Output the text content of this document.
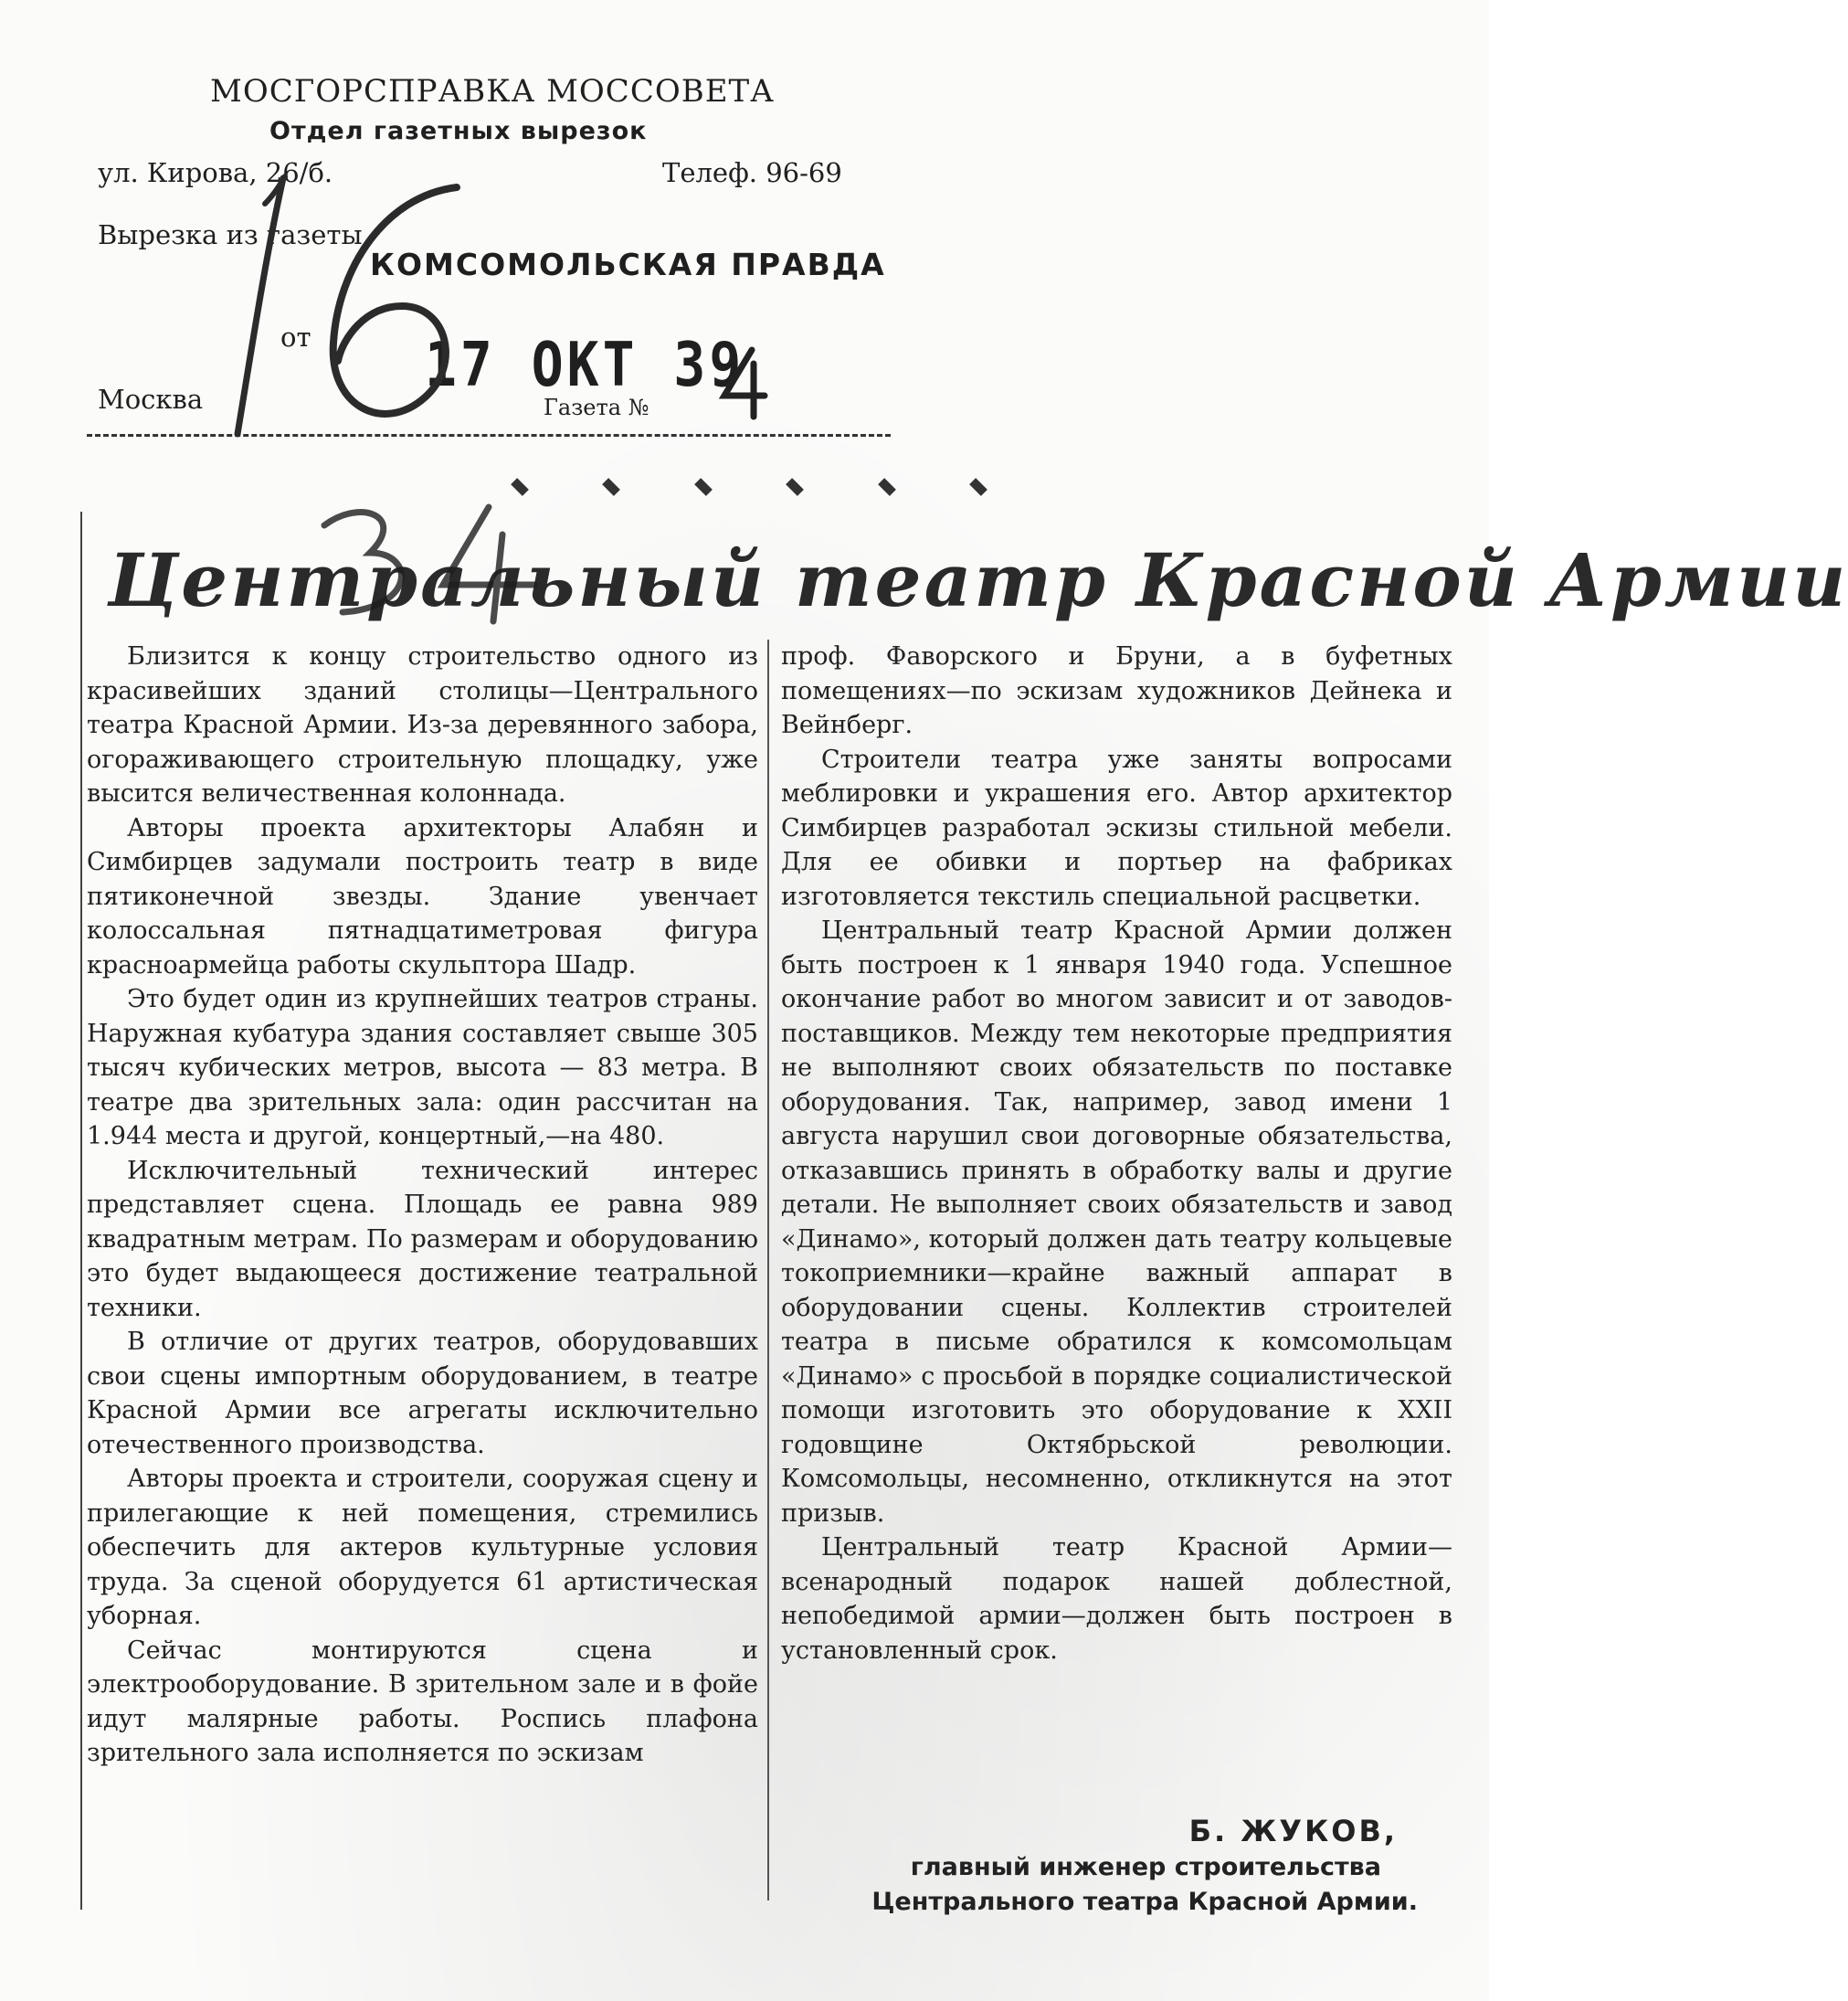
МОСГОРСПРАВКА МОССОВЕТА
Отдел газетных вырезок
ул. Кирова, 26/б.	Телеф. 96-69
Вырезка из газеты
КОМСОМОЛЬСКАЯ ПРАВДА
от 17 ОКТ 39
Москва	Газета №
Центральный театр Красной Армии

Близится к концу строительство одного из красивейших зданий столицы—Центрального театра Красной Армии. Из-за деревянного забора, огораживающего строительную площадку, уже высится величественная колоннада.

Авторы проекта архитекторы Алабян и Симбирцев задумали построить театр в виде пятиконечной звезды. Здание увенчает колоссальная пятнадцатиметровая фигура красноармейца работы скульптора Шадр.

Это будет один из крупнейших театров страны. Наружная кубатура здания составляет свыше 305 тысяч кубических метров, высота — 83 метра. В театре два зрительных зала: один рассчитан на 1.944 места и другой, концертный,—на 480.

Исключительный технический интерес представляет сцена. Площадь ее равна 989 квадратным метрам. По размерам и оборудованию это будет выдающееся достижение театральной техники.

В отличие от других театров, оборудовавших свои сцены импортным оборудованием, в театре Красной Армии все агрегаты исключительно отечественного производства.

Авторы проекта и строители, сооружая сцену и прилегающие к ней помещения, стремились обеспечить для актеров культурные условия труда. За сценой оборудуется 61 артистическая уборная.

Сейчас монтируются сцена и электрооборудование. В зрительном зале и в фойе идут малярные работы. Роспись плафона зрительного зала исполняется по эскизам

проф. Фаворского и Бруни, а в буфетных помещениях—по эскизам художников Дейнека и Вейнберг.

Строители театра уже заняты вопросами меблировки и украшения его. Автор архитектор Симбирцев разработал эскизы стильной мебели. Для ее обивки и портьер на фабриках изготовляется текстиль специальной расцветки.

Центральный театр Красной Армии должен быть построен к 1 января 1940 года. Успешное окончание работ во многом зависит и от заводов-поставщиков. Между тем некоторые предприятия не выполняют своих обязательств по поставке оборудования. Так, например, завод имени 1 августа нарушил свои договорные обязательства, отказавшись принять в обработку валы и другие детали. Не выполняет своих обязательств и завод «Динамо», который должен дать театру кольцевые токоприемники—крайне важный аппарат в оборудовании сцены. Коллектив строителей театра в письме обратился к комсомольцам «Динамо» с просьбой в порядке социалистической помощи изготовить это оборудование к XXII годовщине Октябрьской революции. Комсомольцы, несомненно, откликнутся на этот призыв.

Центральный театр Красной Армии—всенародный подарок нашей доблестной, непобедимой армии—должен быть построен в установленный срок.

Б. ЖУКОВ,
главный инженер строительства
Центрального театра Красной Армии.
